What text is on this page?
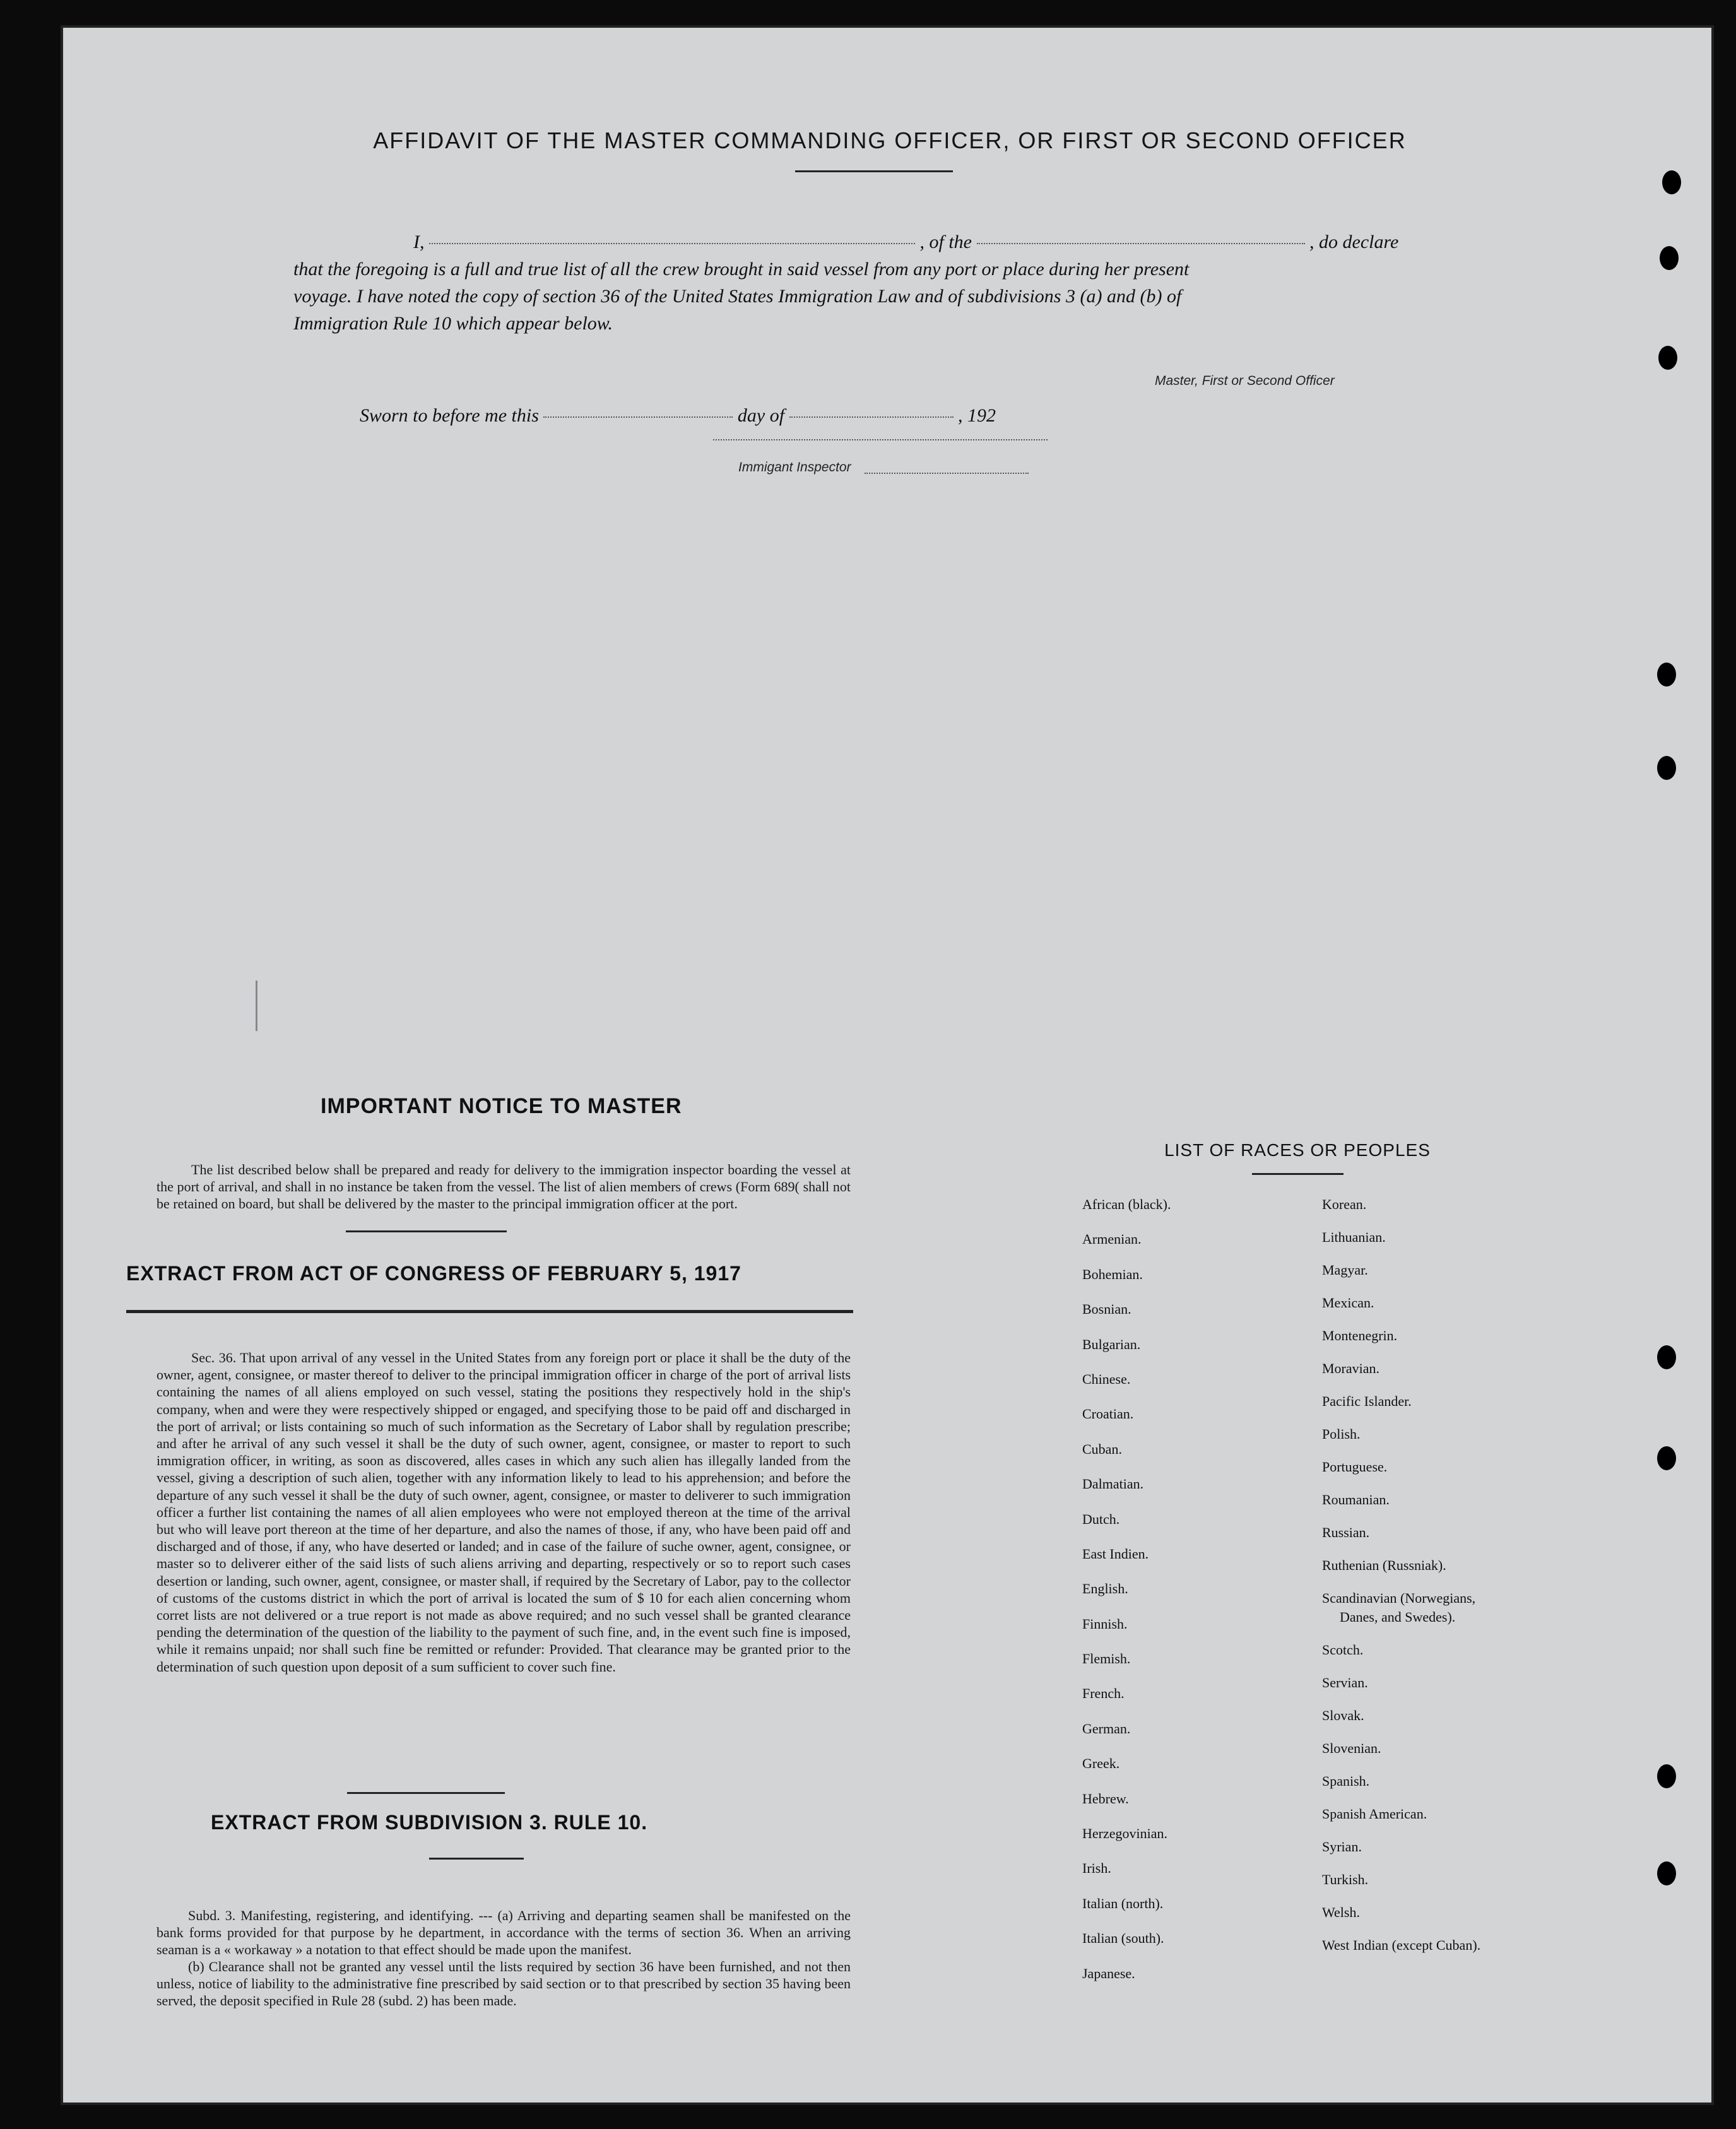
AFFIDAVIT OF THE MASTER COMMANDING OFFICER, OR FIRST OR SECOND OFFICER
I,	, of the	, do declare
that the foregoing is a full and true list of all the crew brought in said vessel from any port or place during her present
voyage. I have noted the copy of section 36 of the United States Immigration Law and of subdivisions 3 (a) and (b) of
Immigration Rule 10 which appear below.
Master, First or Second Officer
Sworn to before me this	day of	, 192
Immigant Inspector
IMPORTANT NOTICE TO MASTER
The list described below shall be prepared and ready for delivery to the immigration inspector boarding the vessel at the port of arrival, and shall in no instance be taken from the vessel. The list of alien members of crews (Form 689( shall not be retained on board, but shall be delivered by the master to the principal immigration officer at the port.
EXTRACT FROM ACT OF CONGRESS OF FEBRUARY 5, 1917
Sec. 36. That upon arrival of any vessel in the United States from any foreign port or place it shall be the duty of the owner, agent, consignee, or master thereof to deliver to the principal immigration officer in charge of the port of arrival lists containing the names of all aliens employed on such vessel, stating the positions they respectively hold in the ship's company, when and were they were respectively shipped or engaged, and specifying those to be paid off and discharged in the port of arrival; or lists containing so much of such information as the Secretary of Labor shall by regulation prescribe; and after he arrival of any such vessel it shall be the duty of such owner, agent, consignee, or master to report to such immigration officer, in writing, as soon as discovered, alles cases in which any such alien has illegally landed from the vessel, giving a description of such alien, together with any information likely to lead to his apprehension; and before the departure of any such vessel it shall be the duty of such owner, agent, consignee, or master to deliverer to such immigration officer a further list containing the names of all alien employees who were not employed thereon at the time of the arrival but who will leave port thereon at the time of her departure, and also the names of those, if any, who have been paid off and discharged and of those, if any, who have deserted or landed; and in case of the failure of suche owner, agent, consignee, or master so to deliverer either of the said lists of such aliens arriving and departing, respectively or so to report such cases desertion or landing, such owner, agent, consignee, or master shall, if required by the Secretary of Labor, pay to the collector of customs of the customs district in which the port of arrival is located the sum of $ 10 for each alien concerning whom corret lists are not delivered or a true report is not made as above required; and no such vessel shall be granted clearance pending the determination of the question of the liability to the payment of such fine, and, in the event such fine is imposed, while it remains unpaid; nor shall such fine be remitted or refunder: Provided. That clearance may be granted prior to the determination of such question upon deposit of a sum sufficient to cover such fine.
EXTRACT FROM SUBDIVISION 3. RULE 10.

Subd. 3. Manifesting, registering, and identifying. --- (a) Arriving and departing seamen shall be manifested on the bank forms provided for that purpose by he department, in accordance with the terms of section 36. When an arriving seaman is a « workaway » a notation to that effect should be made upon the manifest.

(b) Clearance shall not be granted any vessel until the lists required by section 36 have been furnished, and not then unless, notice of liability to the administrative fine prescribed by said section or to that prescribed by section 35 having been served, the deposit specified in Rule 28 (subd. 2) has been made.

LIST OF RACES OR PEOPLES
African (black).
Armenian.
Bohemian.
Bosnian.
Bulgarian.
Chinese.
Croatian.
Cuban.
Dalmatian.
Dutch.
East Indien.
English.
Finnish.
Flemish.
French.
German.
Greek.
Hebrew.
Herzegovinian.
Irish.
Italian (north).
Italian (south).
Japanese.
Korean.
Lithuanian.
Magyar.
Mexican.
Montenegrin.
Moravian.
Pacific Islander.
Polish.
Portuguese.
Roumanian.
Russian.
Ruthenian (Russniak).
Scandinavian (Norwegians,
Danes, and Swedes).
Scotch.
Servian.
Slovak.
Slovenian.
Spanish.
Spanish American.
Syrian.
Turkish.
Welsh.
West Indian (except Cuban).
